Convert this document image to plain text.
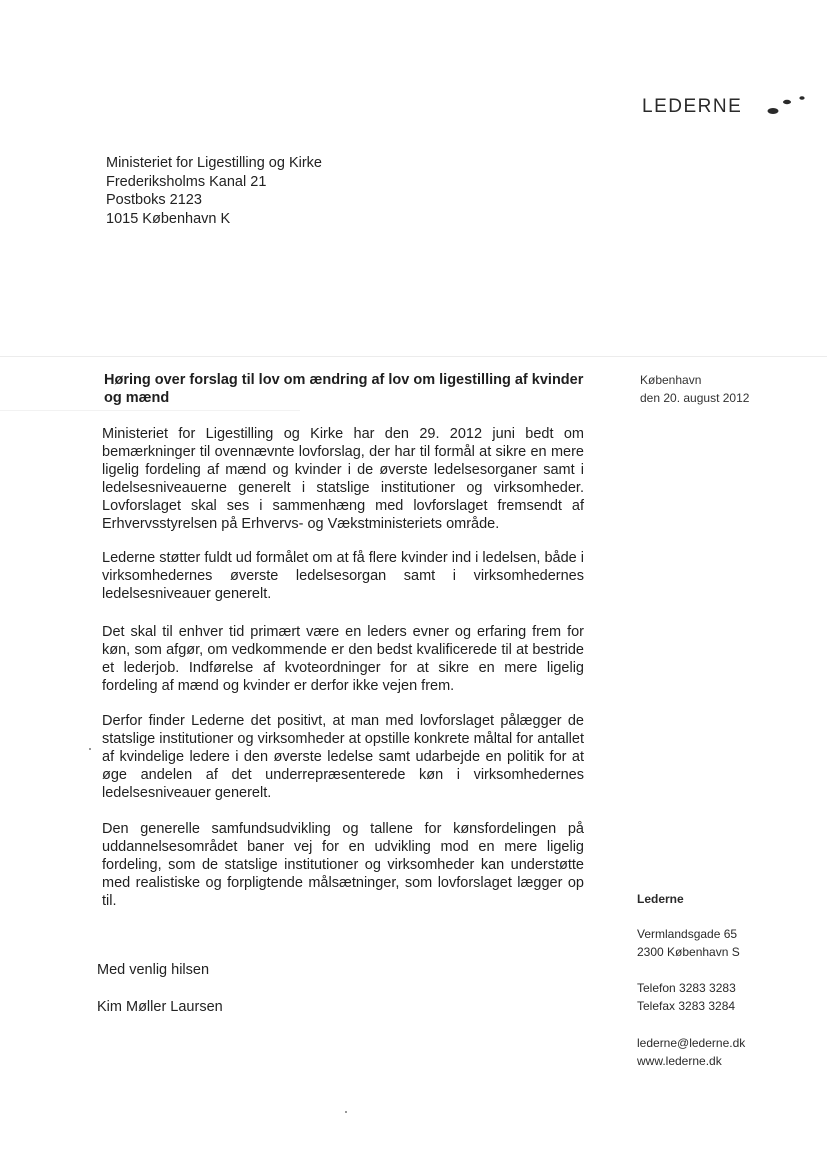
LEDERNE
Ministeriet for Ligestilling og Kirke
Frederiksholms Kanal 21
Postboks 2123
1015 København K
Høring over forslag til lov om ændring af lov om ligestilling af kvinder og mænd
København
den 20. august 2012
Ministeriet for Ligestilling og Kirke har den 29. 2012 juni bedt om bemærkninger til ovennævnte lovforslag, der har til formål at sikre en mere ligelig fordeling af mænd og kvinder i de øverste ledelsesorganer samt i ledelsesniveauerne generelt i statslige institutioner og virksomheder. Lovforslaget skal ses i sammenhæng med lovforslaget fremsendt af Erhvervsstyrelsen på Erhvervs- og Vækstministeriets område.
Lederne støtter fuldt ud formålet om at få flere kvinder ind i ledelsen, både i virksomhedernes øverste ledelsesorgan samt i virksomhedernes ledelsesniveauer generelt.
Det skal til enhver tid primært være en leders evner og erfaring frem for køn, som afgør, om vedkommende er den bedst kvalificerede til at bestride et lederjob. Indførelse af kvoteordninger for at sikre en mere ligelig fordeling af mænd og kvinder er derfor ikke vejen frem.
Derfor finder Lederne det positivt, at man med lovforslaget pålægger de statslige institutioner og virksomheder at opstille konkrete måltal for antallet af kvindelige ledere i den øverste ledelse samt udarbejde en politik for at øge andelen af det underrepræsenterede køn i virksomhedernes ledelsesniveauer generelt.
Den generelle samfundsudvikling og tallene for kønsfordelingen på uddannelsesområdet baner vej for en udvikling mod en mere ligelig fordeling, som de statslige institutioner og virksomheder kan understøtte med realistiske og forpligtende målsætninger, som lovforslaget lægger op til.
Med venlig hilsen
Kim Møller Laursen
Lederne
Vermlandsgade 65
2300 København S
Telefon 3283 3283
Telefax 3283 3284
lederne@lederne.dk
www.lederne.dk
